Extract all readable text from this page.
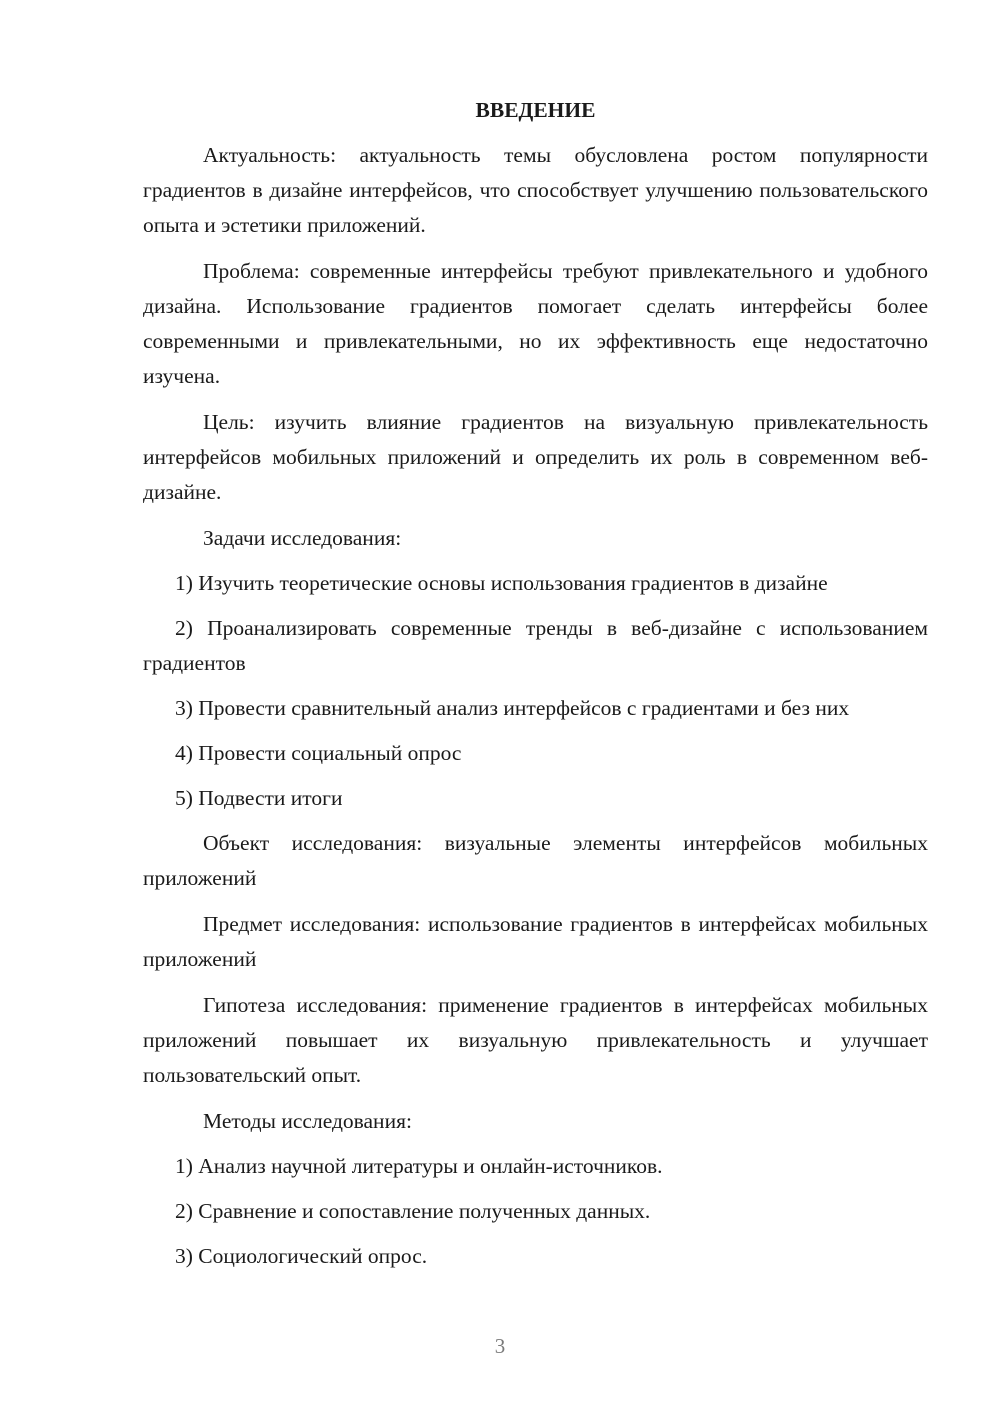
ВВЕДЕНИЕ

Актуальность: актуальность темы обусловлена ростом популярности градиентов в дизайне интерфейсов, что способствует улучшению пользовательского опыта и эстетики приложений.

Проблема: современные интерфейсы требуют привлекательного и удобного дизайна. Использование градиентов помогает сделать интерфейсы более современными и привлекательными, но их эффективность еще недостаточно изучена.

Цель: изучить влияние градиентов на визуальную привлекательность интерфейсов мобильных приложений и определить их роль в современном веб-дизайне.

Задачи исследования:

1) Изучить теоретические основы использования градиентов в дизайне

2) Проанализировать современные тренды в веб-дизайне с использованием градиентов

3) Провести сравнительный анализ интерфейсов с градиентами и без них

4) Провести социальный опрос

5) Подвести итоги

Объект исследования: визуальные элементы интерфейсов мобильных приложений

Предмет исследования: использование градиентов в интерфейсах мобильных приложений

Гипотеза исследования: применение градиентов в интерфейсах мобильных приложений повышает их визуальную привлекательность и улучшает пользовательский опыт.

Методы исследования:

1) Анализ научной литературы и онлайн-источников.

2) Сравнение и сопоставление полученных данных.

3) Социологический опрос.

3
